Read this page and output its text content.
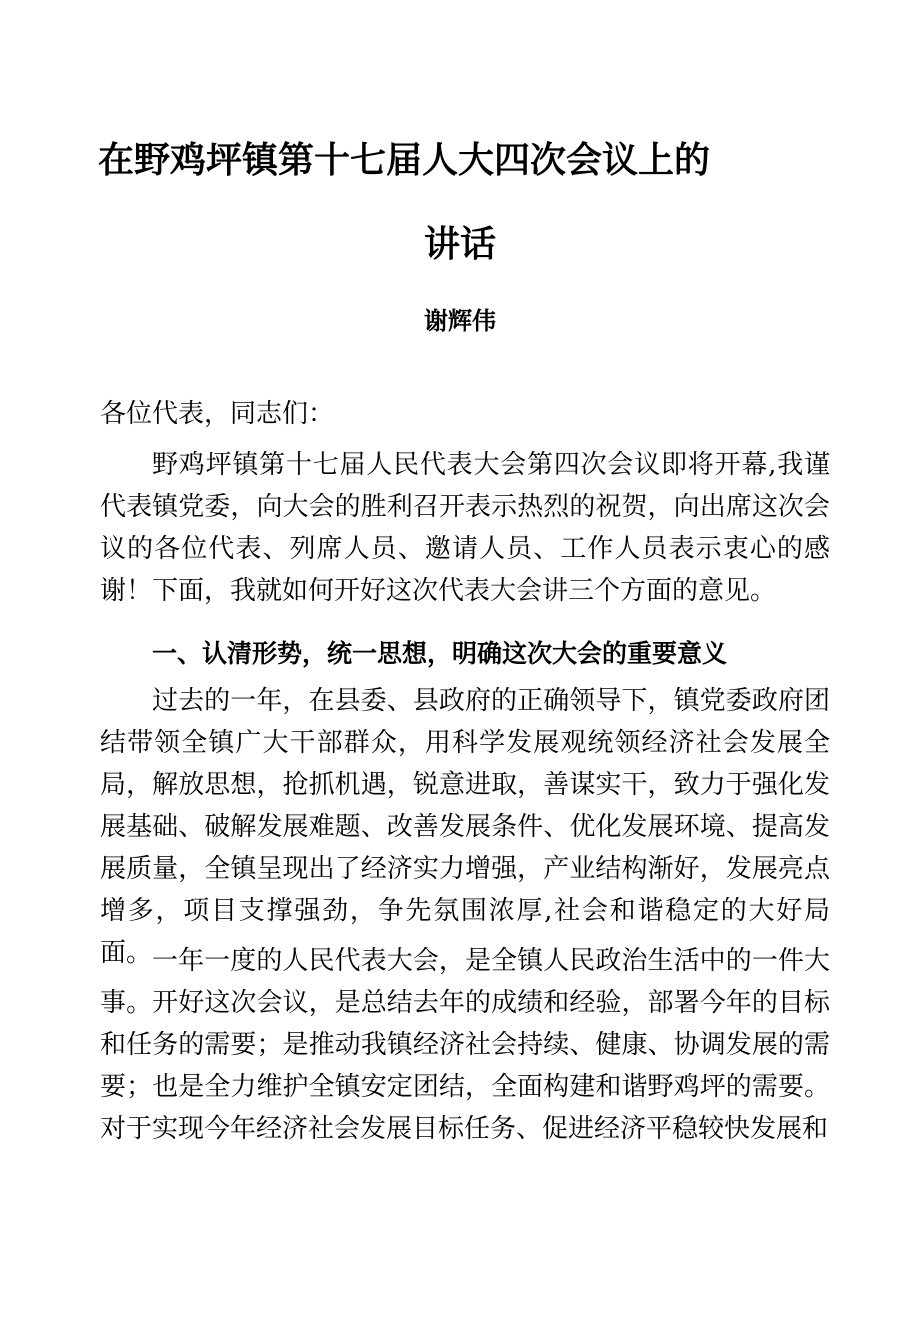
在野鸡坪镇第十七届人大四次会议上的
讲话
谢辉伟
各位代表，同志们：
野鸡坪镇第十七届人民代表大会第四次会议即将开幕,我谨代表镇党委，向大会的胜利召开表示热烈的祝贺，向出席这次会议的各位代表、列席人员、邀请人员、工作人员表示衷心的感谢！下面，我就如何开好这次代表大会讲三个方面的意见。
一、认清形势，统一思想，明确这次大会的重要意义
过去的一年，在县委、县政府的正确领导下，镇党委政府团结带领全镇广大干部群众，用科学发展观统领经济社会发展全局，解放思想，抢抓机遇，锐意进取，善谋实干，致力于强化发展基础、破解发展难题、改善发展条件、优化发展环境、提高发展质量，全镇呈现出了经济实力增强，产业结构渐好，发展亮点增多，项目支撑强劲，争先氛围浓厚,社会和谐稳定的大好局面。 一年一度的人民代表大会，是全镇人民政治生活中的一件大事。开好这次会议，是总结去年的成绩和经验，部署今年的目标和任务的需要；是推动我镇经济社会持续、健康、协调发展的需要；也是全力维护全镇安定团结，全面构建和谐野鸡坪的需要。对于实现今年经济社会发展目标任务、促进经济平稳较快发展和
